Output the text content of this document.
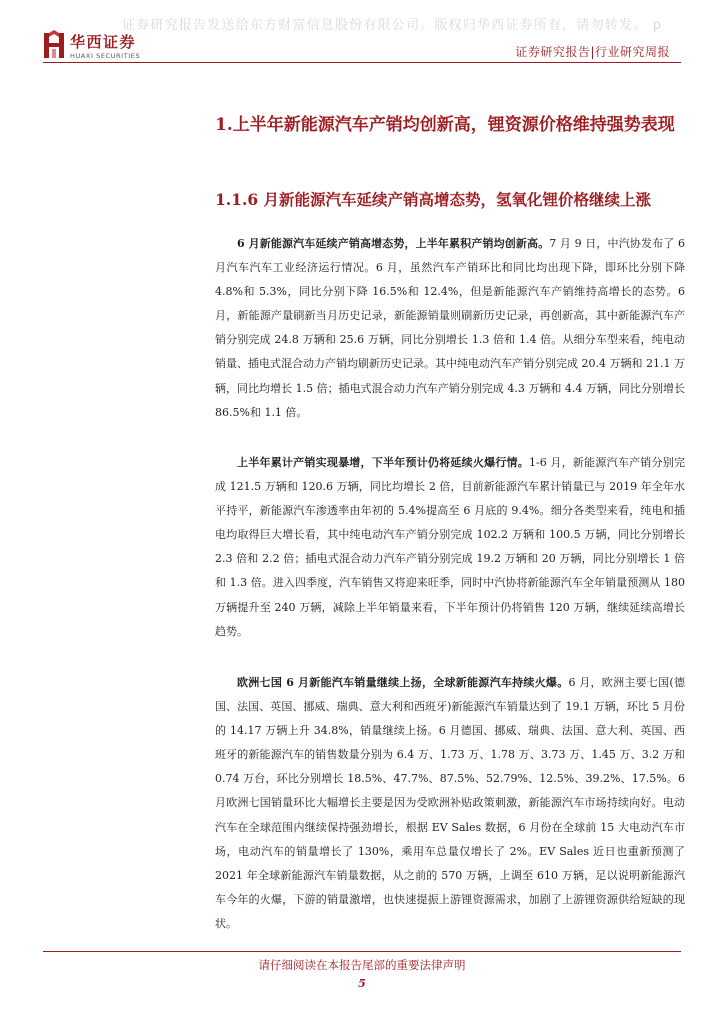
证券研究报告发送给东方财富信息股份有限公司。版权归华西证券所有，请勿转发。 p
华西证券
HUAXI SECURITIES	证券研究报告|行业研究周报
1.上半年新能源汽车产销均创新高，锂资源价格维持强势表现
1.1.6 月新能源汽车延续产销高增态势，氢氧化锂价格继续上涨

6 月新能源汽车延续产销高增态势，上半年累积产销均创新高。7 月 9 日，中汽协发布了 6 月汽车汽车工业经济运行情况。6 月，虽然汽车产销环比和同比均出现下降，即环比分别下降 4.8%和 5.3%，同比分别下降 16.5%和 12.4%，但是新能源汽车产销维持高增长的态势。6 月，新能源产量刷新当月历史记录，新能源销量则刷新历史记录，再创新高，其中新能源汽车产销分别完成 24.8 万辆和 25.6 万辆，同比分别增长 1.3 倍和 1.4 倍。从细分车型来看，纯电动销量、插电式混合动力产销均刷新历史记录。其中纯电动汽车产销分别完成 20.4 万辆和 21.1 万辆，同比均增长 1.5 倍；插电式混合动力汽车产销分别完成 4.3 万辆和 4.4 万辆，同比分别增长 86.5%和 1.1 倍。

上半年累计产销实现暴增，下半年预计仍将延续火爆行情。1-6 月，新能源汽车产销分别完成 121.5 万辆和 120.6 万辆，同比均增长 2 倍，目前新能源汽车累计销量已与 2019 年全年水平持平，新能源汽车渗透率由年初的 5.4%提高至 6 月底的 9.4%。细分各类型来看，纯电和插电均取得巨大增长看，其中纯电动汽车产销分别完成 102.2 万辆和 100.5 万辆，同比分别增长 2.3 倍和 2.2 倍；插电式混合动力汽车产销分别完成 19.2 万辆和 20 万辆，同比分别增长 1 倍和 1.3 倍。进入四季度，汽车销售又将迎来旺季，同时中汽协将新能源汽车全年销量预测从 180 万辆提升至 240 万辆，减除上半年销量来看，下半年预计仍将销售 120 万辆，继续延续高增长趋势。

欧洲七国 6 月新能汽车销量继续上扬，全球新能源汽车持续火爆。6 月，欧洲主要七国(德国、法国、英国、挪威、瑞典、意大利和西班牙)新能源汽车销量达到了 19.1 万辆，环比 5 月份的 14.17 万辆上升 34.8%，销量继续上扬。6 月德国、挪威、瑞典、法国、意大利、英国、西班牙的新能源汽车的销售数量分别为 6.4 万、1.73 万、1.78 万、3.73 万、1.45 万、3.2 万和 0.74 万台，环比分别增长 18.5%、47.7%、87.5%、52.79%、12.5%、39.2%、17.5%。6 月欧洲七国销量环比大幅增长主要是因为受欧洲补贴政策刺激，新能源汽车市场持续向好。电动汽车在全球范围内继续保持强劲增长，根据 EV Sales 数据，6 月份在全球前 15 大电动汽车市场，电动汽车的销量增长了 130%，乘用车总量仅增长了 2%。EV Sales 近日也重新预测了 2021 年全球新能源汽车销量数据，从之前的 570 万辆，上调至 610 万辆，足以说明新能源汽车今年的火爆，下游的销量激增，也快速提振上游锂资源需求，加剧了上游锂资源供给短缺的现状。

请仔细阅读在本报告尾部的重要法律声明
5
